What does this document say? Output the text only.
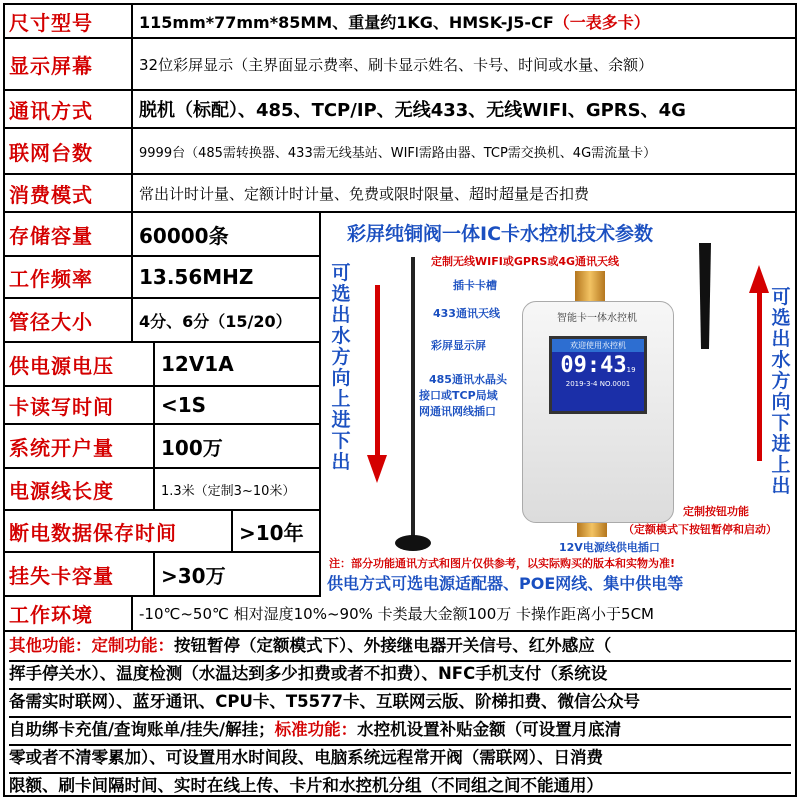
尺寸型号	115mm*77mm*85MM、重量约1KG、HMSK-J5-CF （一表多卡）
显示屏幕	32位彩屏显示（主界面显示费率、刷卡显示姓名、卡号、时间或水量、余额）
通讯方式	脱机（标配）、485、TCP/IP、无线433、无线WIFI、GPRS、4G
联网台数	9999台（485需转换器、433需无线基站、WIFI需路由器、TCP需交换机、4G需流量卡）
消费模式	常出计时计量、定额计时计量、免费或限时限量、超时超量是否扣费
存储容量	60000条
工作频率	13.56MHZ
管径大小	4分、6分（15/20）
供电源电压	12V1A
卡读写时间	<1S
系统开户量	100万
电源线长度	1.3米（定制3~10米）
断电数据保存时间	>10年
挂失卡容量	>30万
工作环境	-10℃~50℃ 相对湿度10%~90% 卡类最大金额100万 卡操作距离小于5CM
其他功能：定制功能：按钮暂停（定额模式下）、外接继电器开关信号、红外感应（
挥手停关水）、温度检测（水温达到多少扣费或者不扣费）、NFC手机支付（系统设
备需实时联网）、蓝牙通讯、CPU卡、T5577卡、互联网云版、阶梯扣费、微信公众号
自助绑卡充值/查询账单/挂失/解挂；标准功能：水控机设置补贴金额（可设置月底清
零或者不清零累加）、可设置用水时间段、电脑系统远程常开阀（需联网）、日消费
限额、刷卡间隔时间、实时在线上传、卡片和水控机分组（不同组之间不能通用）
彩屏纯铜阀一体IC卡水控机技术参数
可选出水方向上进下出
可选出水方向下进上出
智能卡一体水控机
欢迎使用水控机
09:4319
2019-3-4 NO.0001
定制无线WIFI或GPRS或4G通讯天线
插卡卡槽
433通讯天线
彩屏显示屏
485通讯水晶头
接口或TCP局域
网通讯网线插口
定制按钮功能
（定额模式下按钮暂停和启动）
12V电源线供电插口
注：部分功能通讯方式和图片仅供参考，以实际购买的版本和实物为准!
供电方式可选电源适配器、POE网线、集中供电等
